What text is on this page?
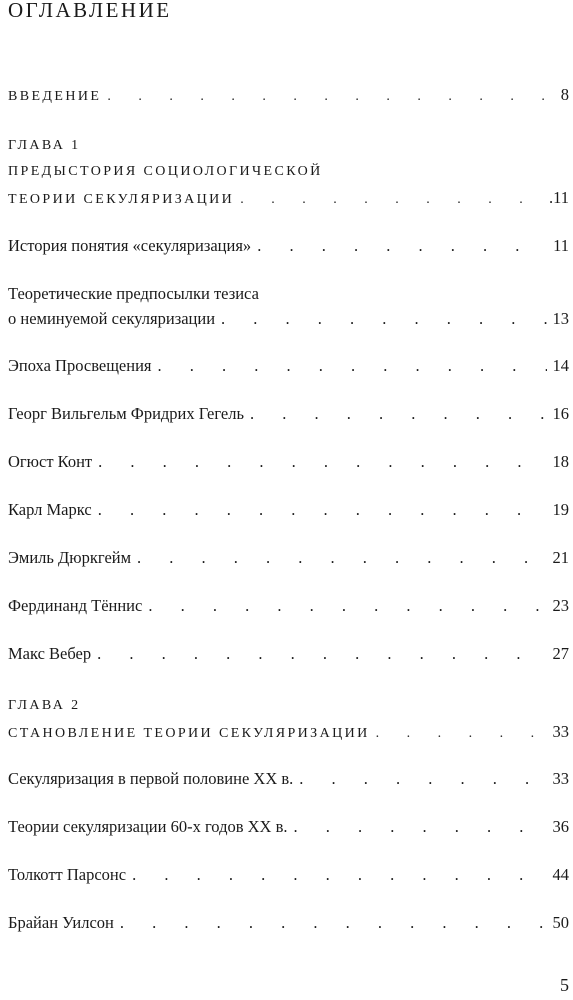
ОГЛАВЛЕНИЕ
ВВЕДЕНИЕ . . .	8
ГЛАВА 1
ПРЕДЫСТОРИЯ СОЦИОЛОГИЧЕСКОЙ
ТЕОРИИ СЕКУЛЯРИЗАЦИИ . . .	.11
История понятия «секуляризация» . . .	11
Теоретические предпосылки тезиса
о неминуемой секуляризации . . .	13
Эпоха Просвещения . . .	14
Георг Вильгельм Фридрих Гегель . . .	16
Огюст Конт . . .	18
Карл Маркс . . .	19
Эмиль Дюркгейм . . .	21
Фердинанд Тённис . . .	23
Макс Вебер . . .	27
ГЛАВА 2
СТАНОВЛЕНИЕ ТЕОРИИ СЕКУЛЯРИЗАЦИИ . . .	33
Секуляризация в первой половине XX в. . . .	33
Теории секуляризации 60-х годов XX в. . . .	36
Толкотт Парсонс . . .	44
Брайан Уилсон . . .	50
5
